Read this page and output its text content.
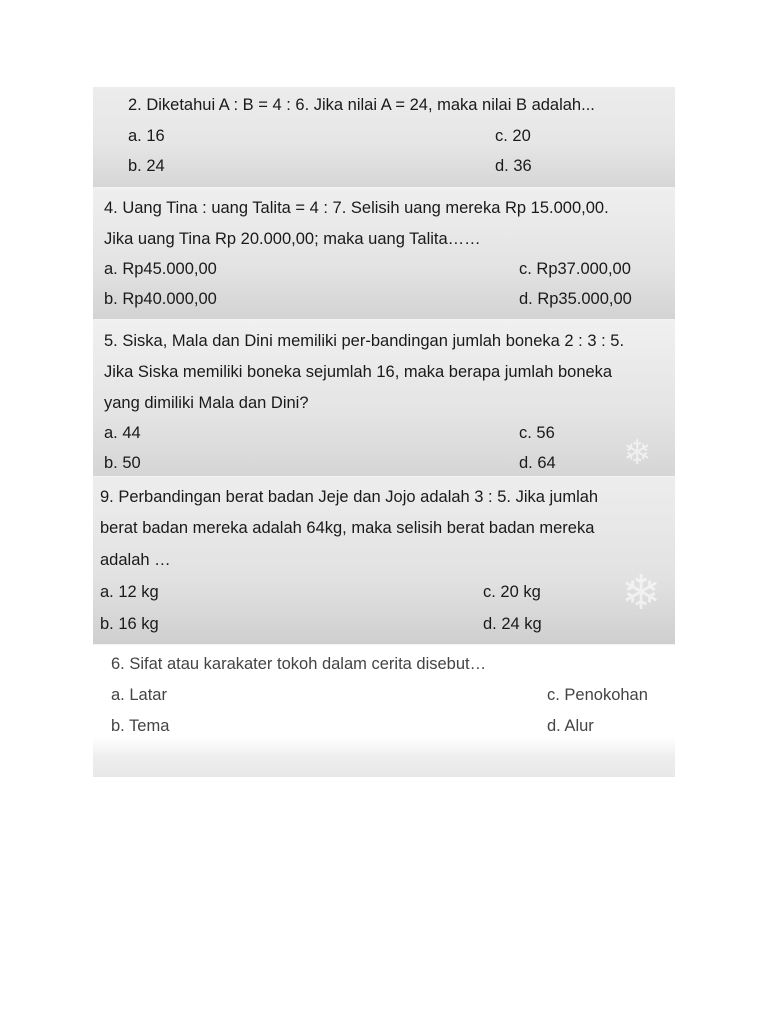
2. Diketahui A : B = 4 : 6. Jika nilai A = 24, maka nilai B adalah...
a. 16	c. 20
b. 24	d. 36
4. Uang Tina : uang Talita = 4 : 7. Selisih uang mereka Rp 15.000,00.
Jika uang Tina Rp 20.000,00; maka uang Talita……
a. Rp45.000,00	c. Rp37.000,00
b. Rp40.000,00	d. Rp35.000,00
5. Siska, Mala dan Dini memiliki per-bandingan jumlah boneka 2 : 3 : 5.
Jika Siska memiliki boneka sejumlah 16, maka berapa jumlah boneka
yang dimiliki Mala dan Dini?
a. 44	c. 56
b. 50	d. 64 ❄
9. Perbandingan berat badan Jeje dan Jojo adalah 3 : 5. Jika jumlah
berat badan mereka adalah 64kg, maka selisih berat badan mereka
adalah …
a. 12 kg	c. 20 kg
b. 16 kg	d. 24 kg
❄
6. Sifat atau karakater tokoh dalam cerita disebut…
a. Latar	c. Penokohan
b. Tema	d. Alur
